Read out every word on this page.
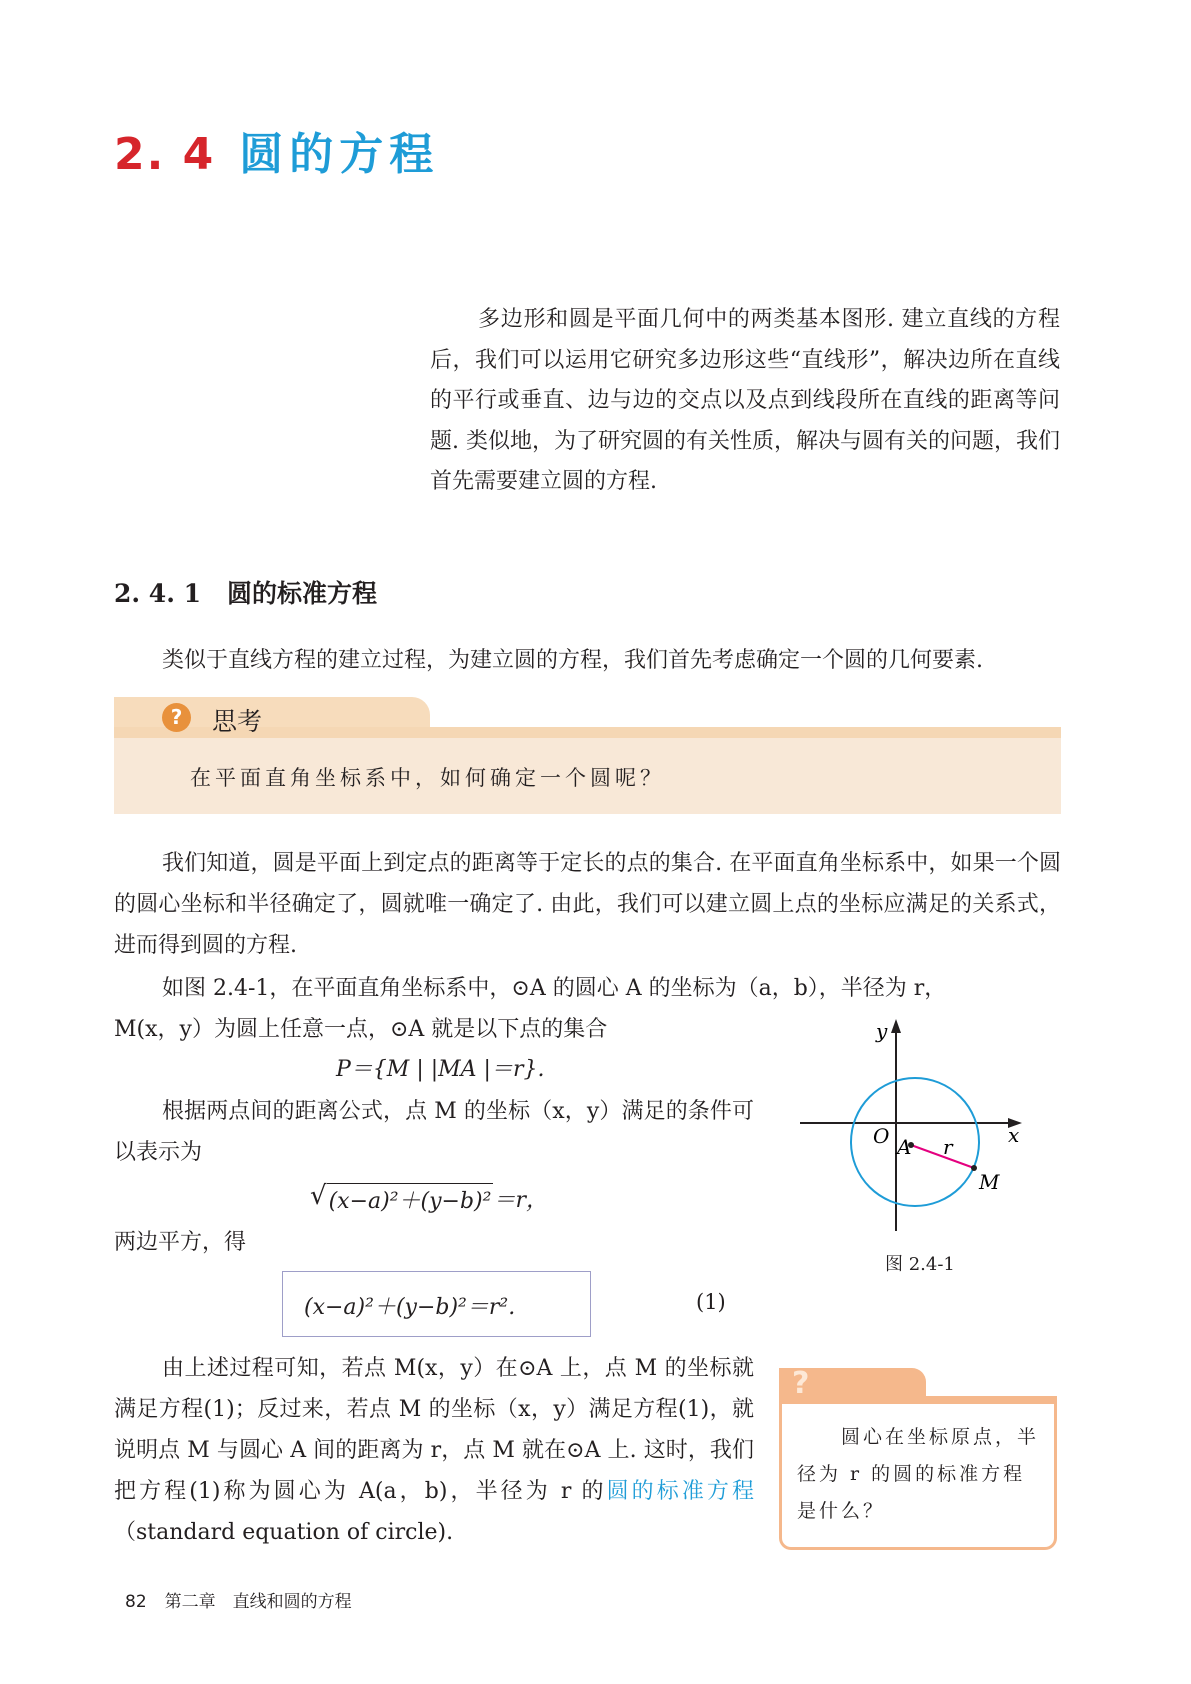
2. 4 圆的方程
多边形和圆是平面几何中的两类基本图形. 建立直线的方程后，我们可以运用它研究多边形这些“直线形”，解决边所在直线的平行或垂直、边与边的交点以及点到线段所在直线的距离等问题. 类似地，为了研究圆的有关性质，解决与圆有关的问题，我们首先需要建立圆的方程.
2. 4. 1 圆的标准方程
类似于直线方程的建立过程，为建立圆的方程，我们首先考虑确定一个圆的几何要素.
?	思考
在平面直角坐标系中，如何确定一个圆呢？
我们知道，圆是平面上到定点的距离等于定长的点的集合. 在平面直角坐标系中，如果一个圆的圆心坐标和半径确定了，圆就唯一确定了. 由此，我们可以建立圆上点的坐标应满足的关系式，进而得到圆的方程.
如图 2.4-1，在平面直角坐标系中，⊙A 的圆心 A 的坐标为（a，b），半径为 r，
M(x，y）为圆上任意一点，⊙A 就是以下点的集合
P＝{M | |MA |＝r}.
根据两点间的距离公式，点 M 的坐标（x，y）满足的条件可以表示为
√ (x−a)²＋(y−b)² ＝r，
两边平方，得
(x−a)²＋(y−b)²＝r².	(1)
由上述过程可知，若点 M(x，y）在⊙A 上，点 M 的坐标就满足方程(1)；反过来，若点 M 的坐标（x，y）满足方程(1)，就说明点 M 与圆心 A 间的距离为 r，点 M 就在⊙A 上. 这时，我们把方程(1)称为圆心为 A(a，b)，半径为 r 的圆的标准方程（standard equation of circle).
y
x
O A r
M
图 2.4-1
?
圆心在坐标原点，半径为 r 的圆的标准方程是什么？
82 第二章　直线和圆的方程
